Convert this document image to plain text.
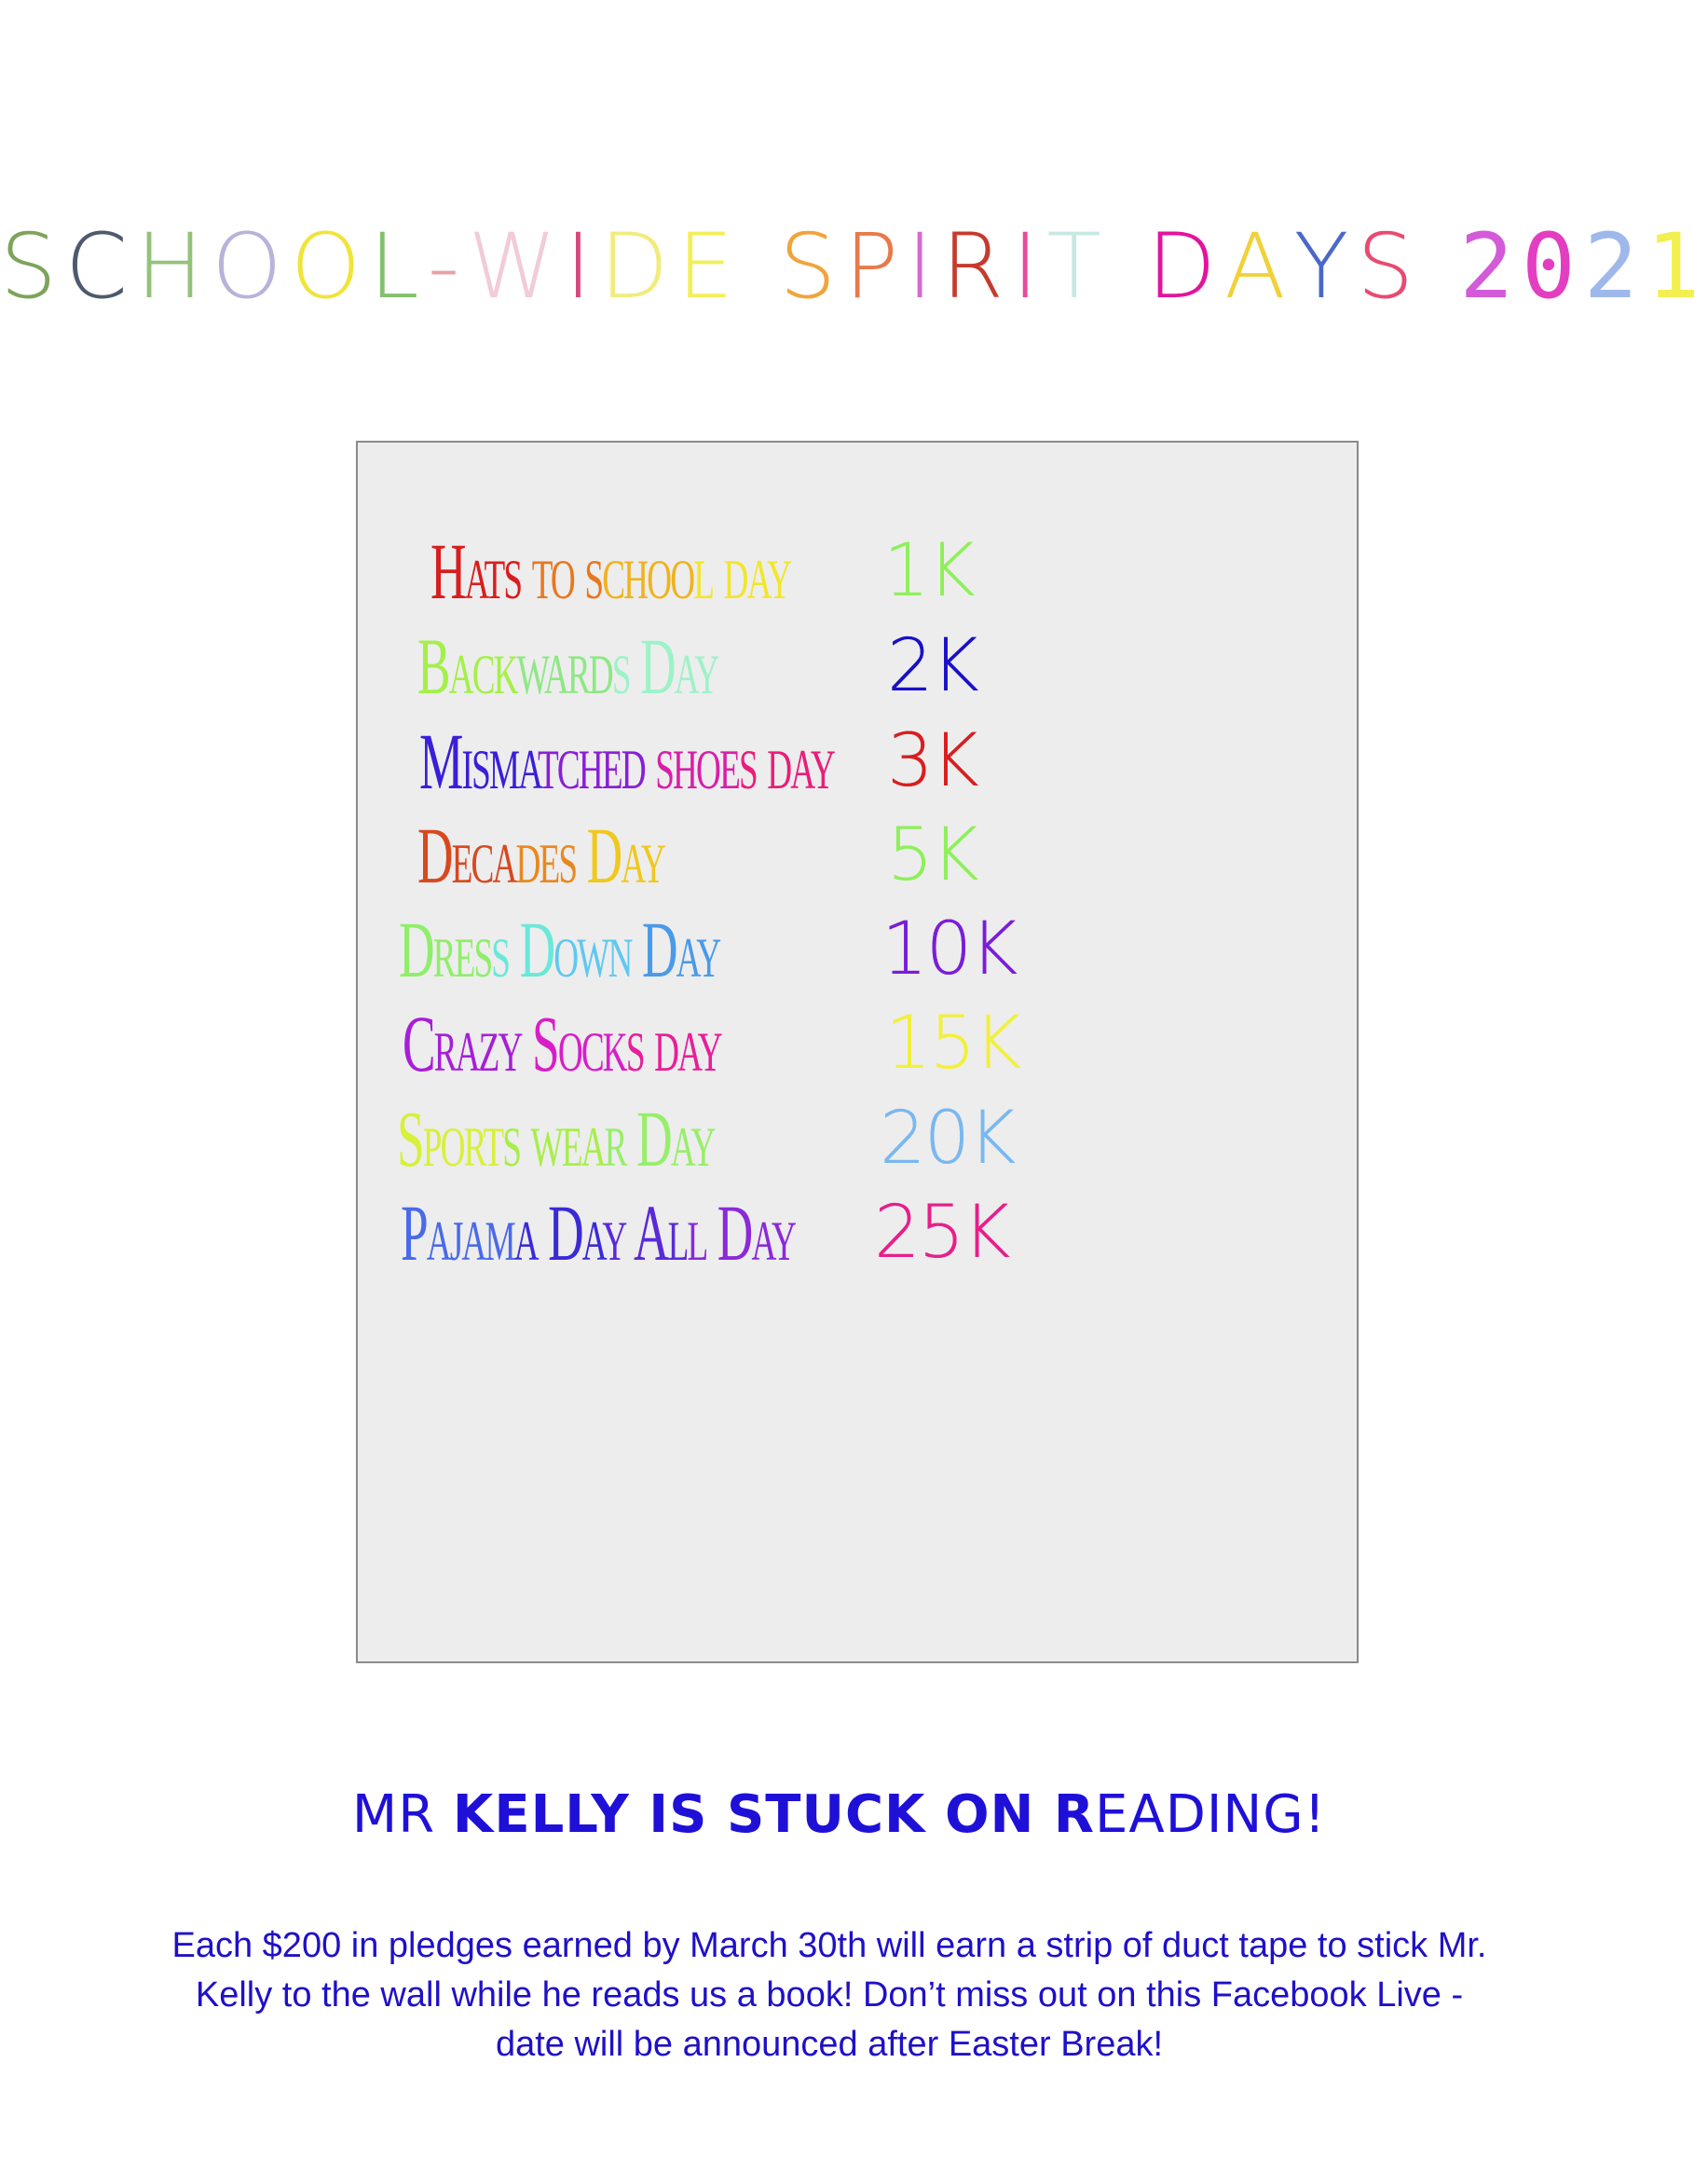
SCHOOL-WIDE SPIRIT DAYS 2021
Hats to school day 1K
Backwards Day 2K
Mismatched shoes day 3K
Decades Day	5K
Dress Down Day 10K
Crazy Socks day 15K
Sports wear Day 20K
Pajama Day All Day 25K
MR KELLY IS STUCK ON READING!
Each $200 in pledges earned by March 30th will earn a strip of duct tape to stick Mr.
Kelly to the wall while he reads us a book! Don’t miss out on this Facebook Live -
date will be announced after Easter Break!
